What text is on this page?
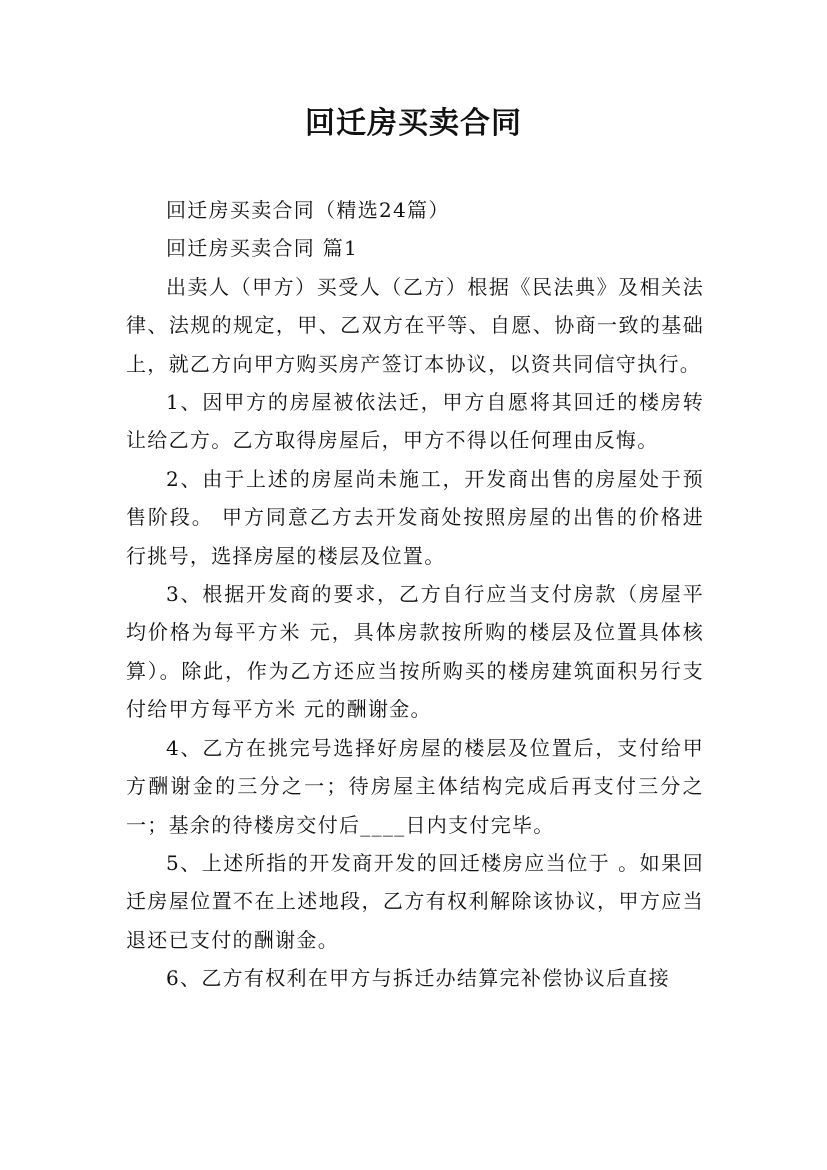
回迁房买卖合同

回迁房买卖合同（精选24篇）

回迁房买卖合同 篇1

出卖人（甲方）买受人（乙方）根据《民法典》及相关法律、法规的规定，甲、乙双方在平等、自愿、协商一致的基础上，就乙方向甲方购买房产签订本协议，以资共同信守执行。

1、因甲方的房屋被依法迁，甲方自愿将其回迁的楼房转让给乙方。乙方取得房屋后，甲方不得以任何理由反悔。

2、由于上述的房屋尚未施工，开发商出售的房屋处于预售阶段。 甲方同意乙方去开发商处按照房屋的出售的价格进行挑号，选择房屋的楼层及位置。

3、根据开发商的要求，乙方自行应当支付房款（房屋平均价格为每平方米 元，具体房款按所购的楼层及位置具体核算）。除此，作为乙方还应当按所购买的楼房建筑面积另行支付给甲方每平方米 元的酬谢金。

4、乙方在挑完号选择好房屋的楼层及位置后，支付给甲方酬谢金的三分之一；待房屋主体结构完成后再支付三分之一；基余的待楼房交付后____日内支付完毕。

5、上述所指的开发商开发的回迁楼房应当位于 。如果回迁房屋位置不在上述地段，乙方有权利解除该协议，甲方应当退还已支付的酬谢金。

6、乙方有权利在甲方与拆迁办结算完补偿协议后直接
